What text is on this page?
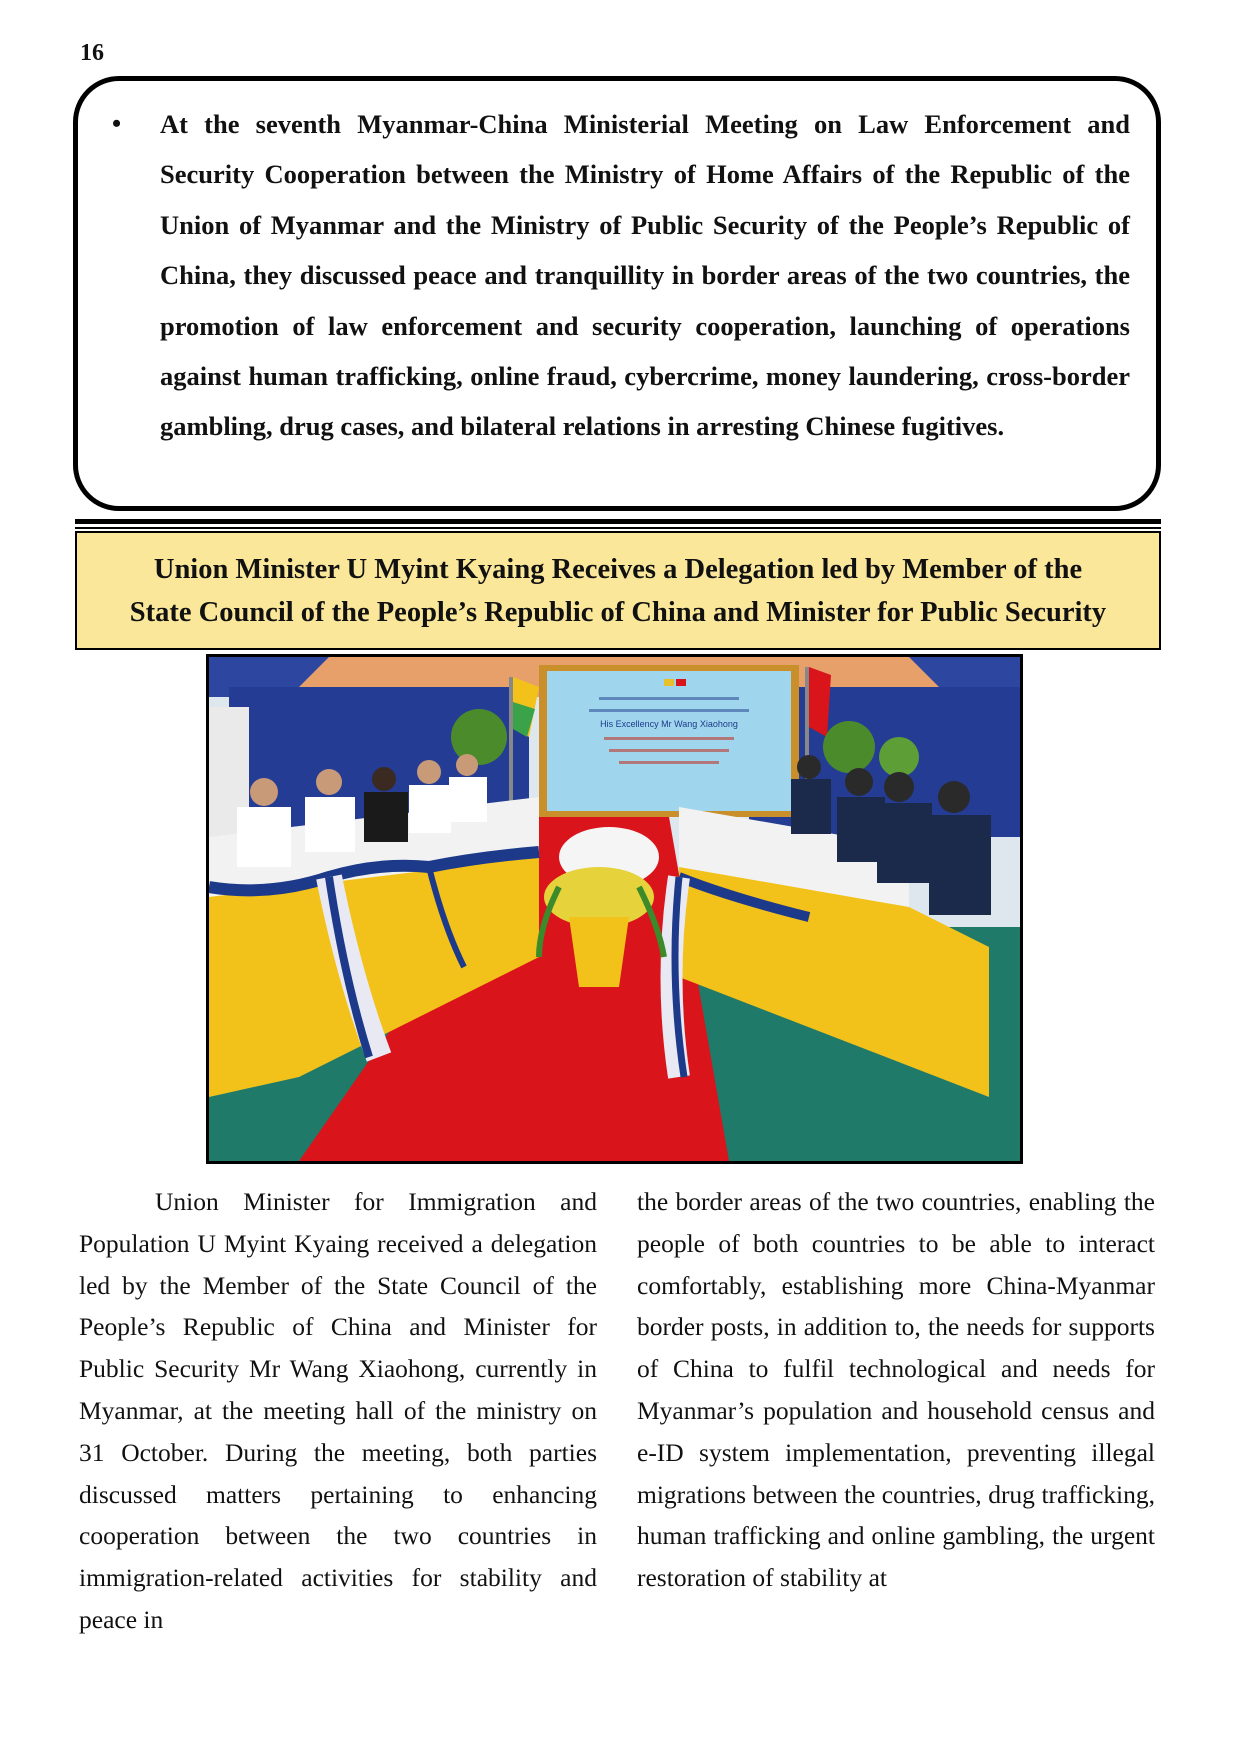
16
• At the seventh Myanmar-China Ministerial Meeting on Law Enforcement and Security Cooperation between the Ministry of Home Affairs of the Republic of the Union of Myanmar and the Ministry of Public Security of the People’s Republic of China, they discussed peace and tranquillity in border areas of the two countries, the promotion of law enforcement and security cooperation, launching of operations against human trafficking, online fraud, cybercrime, money laundering, cross-border gambling, drug cases, and bilateral relations in arresting Chinese fugitives.
Union Minister U Myint Kyaing Receives a Delegation led by Member of the
State Council of the People’s Republic of China and Minister for Public Security
His Excellency Mr Wang Xiaohong
Union Minister for Immigration and Population U Myint Kyaing received a delegation led by the Member of the State Council of the People’s Republic of China and Minister for Public Security Mr Wang Xiaohong, currently in Myanmar, at the meeting hall of the ministry on 31 October. During the meeting, both parties discussed matters pertaining to enhancing cooperation between the two countries in immigration-related activities for stability and peace in
the border areas of the two countries, enabling the people of both countries to be able to interact comfortably, establishing more China-Myanmar border posts, in addition to, the needs for supports of China to fulfil technological and needs for Myanmar’s population and household census and e-ID system implementation, preventing illegal migrations between the countries, drug trafficking, human trafficking and online gambling, the urgent restoration of stability at
